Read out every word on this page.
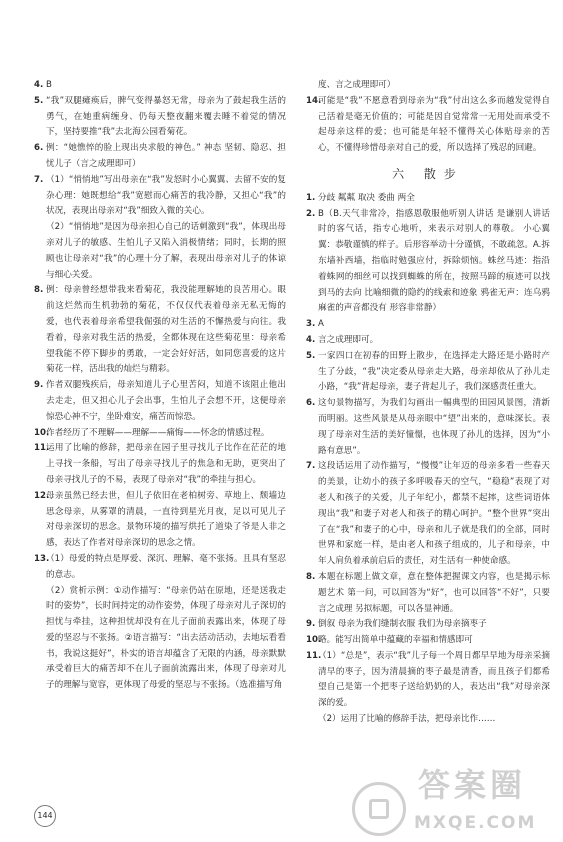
4. B
5. “我”双腿瘫痪后，脾气变得暴怒无常，母亲为了鼓起我生活的勇气，在她重病缠身、仍每天整夜翻来覆去睡不着觉的情况下，坚持要推“我”去北海公园看菊花。
6. 例：“她憔悴的脸上现出央求般的神色。” 神态 坚韧、隐忍、担忧儿子（言之成理即可）
7. （1）“悄悄地”写出母亲在“我”发怒时小心翼翼、去留不安的复杂心理：她既想给“我”宽慰而心痛苦的我冷静，又担心“我”的状况，表现出母亲对“我”细致入微的关心。
（2）“悄悄地”是因为母亲担心自己的话刺激到“我”，体现出母亲对儿子的敏感、生怕儿子又陷入消极情绪；同时，长期的照顾也让母亲对“我”的心理十分了解，表现出母亲对儿子的体谅与细心关爱。
8. 例：母亲曾经想带我来看菊花，我没能理解她的良苦用心。眼前这烂然而生机勃勃的菊花，不仅仅代表着母亲无私无悔的爱，也代表着母亲希望我倔强的对生活的不懈热爱与向往。我看着，母亲对我生活的热爱，全都体现在这些菊花里：母亲希望我能不停下脚步的勇敢，一定会好好活，如同您喜爱的这片菊花一样，活出我的灿烂与精彩。
9. 作者双腿残疾后，母亲知道儿子心里苦闷，知道不该阻止他出去走走，但又担心儿子会出事，生怕儿子会想不开，这便母亲惊恐心神不宁，坐卧难安，痛苦而惊恐。
10.
作者经历了不理解——理解——痛悔——怀念的情感过程。
11.
运用了比喻的修辞，把母亲在园子里寻找儿子比作在茫茫的地上寻找一条船，写出了母亲寻找儿子的焦急和无助，更突出了母亲寻找儿子的不易，表现了母亲对“我”的牵挂与担心。
12.
母亲虽然已经去世，但儿子依旧在老柏树旁、草地上、颓墙边思念母亲，从雾罩的清晨，一直待到星光月夜，足以可见儿子对母亲深切的思念。景物环境的描写烘托了道染了爷是人非之感，表达了作者对母亲深切的思念之情。
13.
（1）母爱的特点是厚爱、深沉、理解、毫不张扬。且具有坚忍的意志。
（2）赏析示例：①动作描写：“母亲仍站在原地，还是送我走时的姿势”，长时间持定的动作姿势，体现了母亲对儿子深切的担忧与牵挂，这种担忧却没有在儿子面前表露出来，体现了母爱的坚忍与不张扬。②语言描写：“出去活动活动，去地坛看看书，我说这挺好”，朴实的语言却蕴含了无限的内涵，母亲默默承受着巨大的痛苦却不在儿子面前流露出来，体现了母亲对儿子的理解与宽容，更体现了母爱的坚忍与不张扬。（选准描写角
度、言之成理即可）
14.
可能是“我”不愿意看到母亲为“我”付出这么多而越发觉得自己活着是毫无价值的；可能是因自觉常常一无用处而承受不起母亲这样的爱；也可能是年轻不懂得关心体贴母亲的苦心，不懂得珍惜母亲对自己的爱，所以选择了残忍的回避。
六 散步
1. 分歧 粼粼 取决 委曲 两全
2. B（B.天气非常冷，指感恩敬服他听别人讲话 是谦别人讲话时的客气话，指专心地听，来表示对别人的尊敬。 小心翼翼：恭敬谨慎的样子。后形容举动十分谨慎，不敢疏忽。A.拆东墙补西墙，指临时勉强应付，拆除烦恼。蛛丝马迹：指沿着蛛网的细丝可以找到蜘蛛的所在，按照马蹄的痕迹可以找到马的去向 比喻细微的隐约的线索和迹象 鸦雀无声：连乌鸦麻雀的声音都没有 形容非常静）
3. A
4. 言之成理即可。
5. 一家四口在初春的田野上散步，在选择走大路还是小路时产生了分歧，“我”决定委从母亲走大路，母亲却依从了孙儿走小路，“我”背起母亲，妻子背起儿子，我们深感责任重大。
6. 这句景物描写，为我们勾画出一幅典型的田园风景图，清新而明丽。这些风景是从母亲眼中“望”出来的，意味深长。表现了母亲对生活的美好憧憬，也体现了孙儿的选择，因为“小路有意思”。
7. 这段话运用了动作描写，“慢慢”让年迈的母亲多看一些春天的美景，让幼小的孩子多呼吸春天的空气，“稳稳”表现了对老人和孩子的关爱，儿子年纪小，都禁不起摔，这些词语体现出“我”和妻子对老人和孩子的精心呵护。“整个世界”突出了在“我”和妻子的心中，母亲和儿子就是我们的全部，同时世界和家庭一样，是由老人和孩子组成的，儿子和母亲，中年人肩负着承前启后的责任，对生活有一种使命感。
8. 本题在标题上做文章，意在整体把握课文内容，也是揭示标题艺术 第一问，可以回答为“好”，也可以回答“不好”，只要言之成理 另拟标题，可以各显神通。
9. 倒叙 母亲为我们缝制衣服 我们为母亲摘枣子
10.
略。能写出简单中蕴藏的幸福和情感即可
11.
（1）“总是”，表示“我”儿子每一个周日都早早地为母亲采摘清早的枣子，因为清晨摘的枣子最是清香，而且孩子们都希望自己是第一个把枣子送给奶奶的人，表达出“我”对母亲深深的爱。
（2）运用了比喻的修辞手法，把母亲比作……
144
答案圈
MXQE.COM
